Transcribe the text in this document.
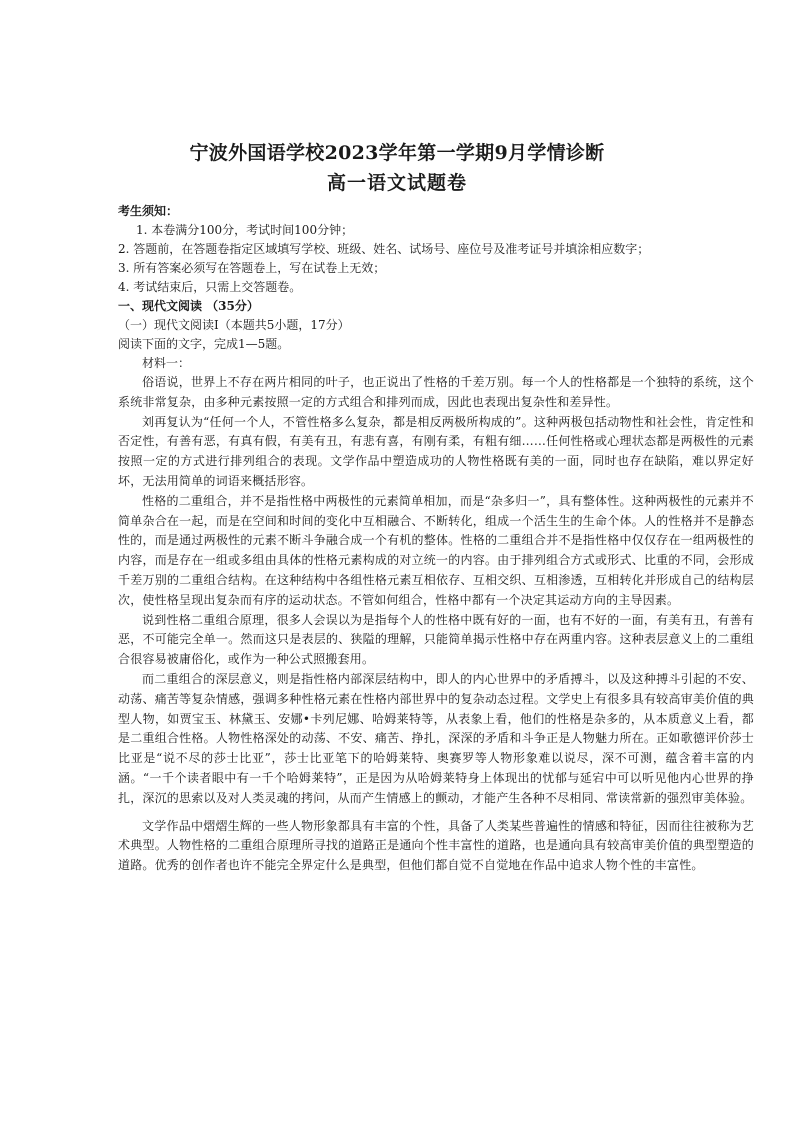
宁波外国语学校2023学年第一学期9月学情诊断
高一语文试题卷
考生须知：
1. 本卷满分100分，考试时间100分钟；
2. 答题前，在答题卷指定区域填写学校、班级、姓名、试场号、座位号及准考证号并填涂相应数字；
3. 所有答案必须写在答题卷上，写在试卷上无效；
4. 考试结束后，只需上交答题卷。
一、现代文阅读 （35分）
（一）现代文阅读Ⅰ（本题共5小题，17分）
阅读下面的文字，完成1—5题。
材料一：

俗语说，世界上不存在两片相同的叶子，也正说出了性格的千差万别。每一个人的性格都是一个独特的系统，这个系统非常复杂，由多种元素按照一定的方式组合和排列而成，因此也表现出复杂性和差异性。

刘再复认为“任何一个人，不管性格多么复杂，都是相反两极所构成的”。这种两极包括动物性和社会性，肯定性和否定性，有善有恶，有真有假，有美有丑，有悲有喜，有刚有柔，有粗有细……任何性格或心理状态都是两极性的元素按照一定的方式进行排列组合的表现。文学作品中塑造成功的人物性格既有美的一面，同时也存在缺陷，难以界定好坏，无法用简单的词语来概括形容。

性格的二重组合，并不是指性格中两极性的元素简单相加，而是“杂多归一”，具有整体性。这种两极性的元素并不简单杂合在一起，而是在空间和时间的变化中互相融合、不断转化，组成一个活生生的生命个体。人的性格并不是静态性的，而是通过两极性的元素不断斗争融合成一个有机的整体。性格的二重组合并不是指性格中仅仅存在一组两极性的内容，而是存在一组或多组由具体的性格元素构成的对立统一的内容。由于排列组合方式或形式、比重的不同，会形成千差万别的二重组合结构。在这种结构中各组性格元素互相依存、互相交织、互相渗透，互相转化并形成自己的结构层次，使性格呈现出复杂而有序的运动状态。不管如何组合，性格中都有一个决定其运动方向的主导因素。

说到性格二重组合原理，很多人会误以为是指每个人的性格中既有好的一面，也有不好的一面，有美有丑，有善有恶，不可能完全单一。然而这只是表层的、狭隘的理解，只能简单揭示性格中存在两重内容。这种表层意义上的二重组合很容易被庸俗化，或作为一种公式照搬套用。

而二重组合的深层意义，则是指性格内部深层结构中，即人的内心世界中的矛盾搏斗，以及这种搏斗引起的不安、动荡、痛苦等复杂情感，强调多种性格元素在性格内部世界中的复杂动态过程。文学史上有很多具有较高审美价值的典型人物，如贾宝玉、林黛玉、安娜•卡列尼娜、哈姆莱特等，从表象上看，他们的性格是杂多的，从本质意义上看，都是二重组合性格。人物性格深处的动荡、不安、痛苦、挣扎，深深的矛盾和斗争正是人物魅力所在。正如歌德评价莎士比亚是“说不尽的莎士比亚”，莎士比亚笔下的哈姆莱特、奥赛罗等人物形象难以说尽，深不可测，蕴含着丰富的内涵。“一千个读者眼中有一千个哈姆莱特”，正是因为从哈姆莱特身上体现出的忧郁与延宕中可以听见他内心世界的挣扎，深沉的思索以及对人类灵魂的拷问，从而产生情感上的颤动，才能产生各种不尽相同、常读常新的强烈审美体验。

文学作品中熠熠生辉的一些人物形象都具有丰富的个性，具备了人类某些普遍性的情感和特征，因而往往被称为艺术典型。人物性格的二重组合原理所寻找的道路正是通向个性丰富性的道路，也是通向具有较高审美价值的典型塑造的道路。优秀的创作者也许不能完全界定什么是典型，但他们都自觉不自觉地在作品中追求人物个性的丰富性。
